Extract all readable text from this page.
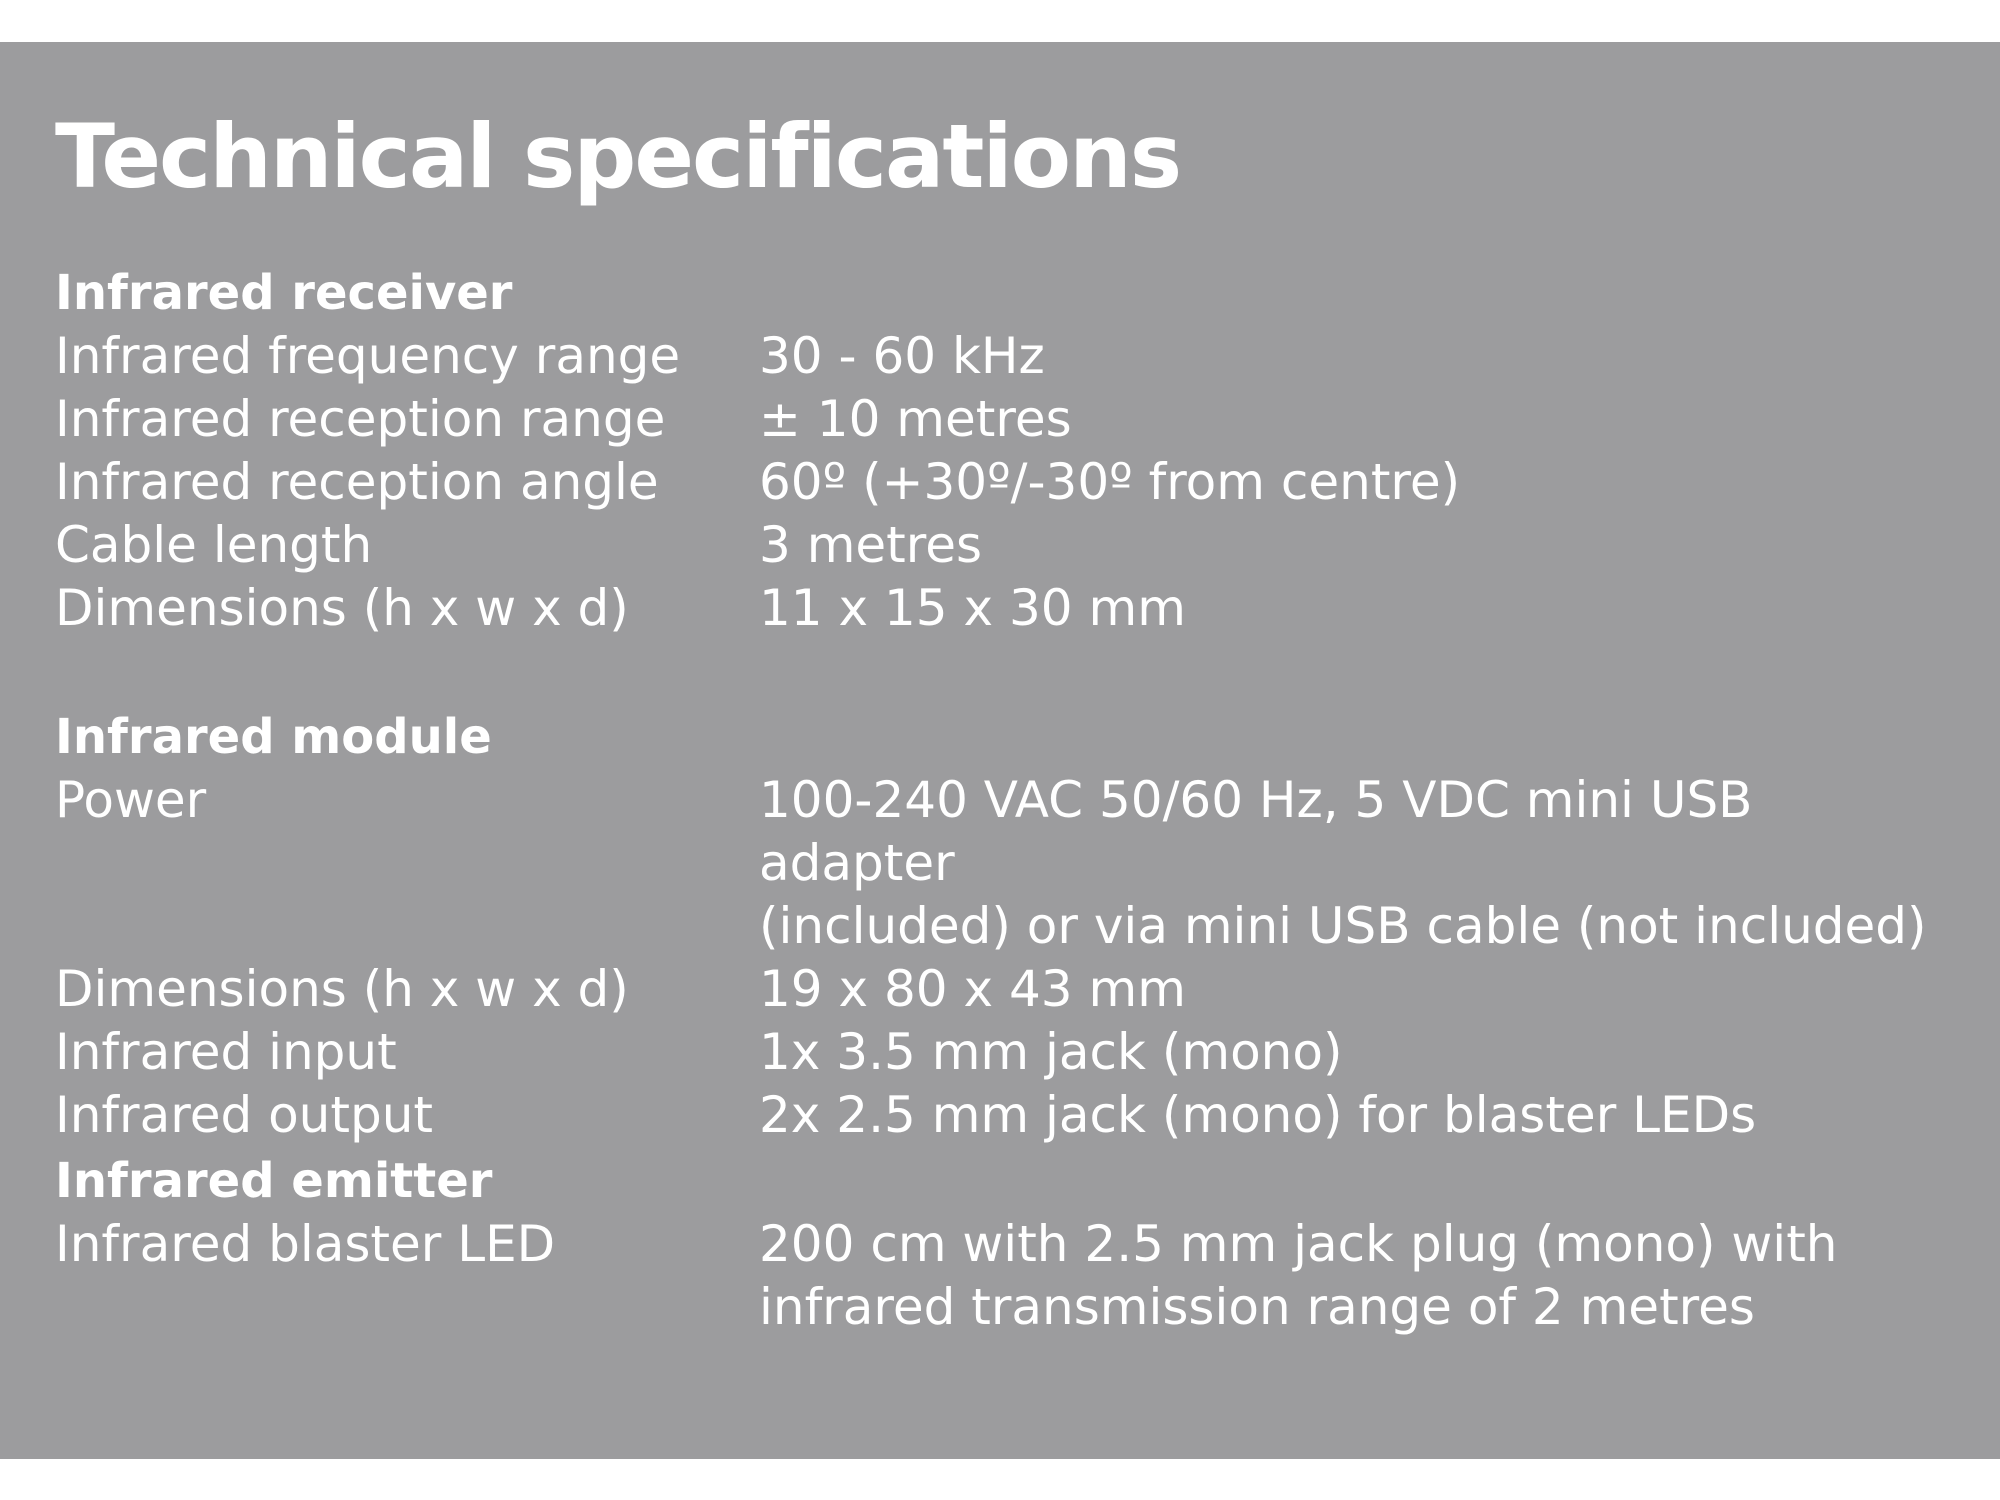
Technical specifications
Infrared receiver
Infrared frequency range	30 - 60 kHz
Infrared reception range	± 10 metres
Infrared reception angle	60º (+30º/-30º from centre)
Cable length	3 metres
Dimensions (h x w x d)	11 x 15 x 30 mm
Infrared module
Power	100-240 VAC 50/60 Hz, 5 VDC mini USB adapter
(included) or via mini USB cable (not included)
Dimensions (h x w x d)	19 x 80 x 43 mm
Infrared input	1x 3.5 mm jack (mono)
Infrared output	2x 2.5 mm jack (mono) for blaster LEDs
Infrared emitter
Infrared blaster LED	200 cm with 2.5 mm jack plug (mono) with
infrared transmission range of 2 metres
